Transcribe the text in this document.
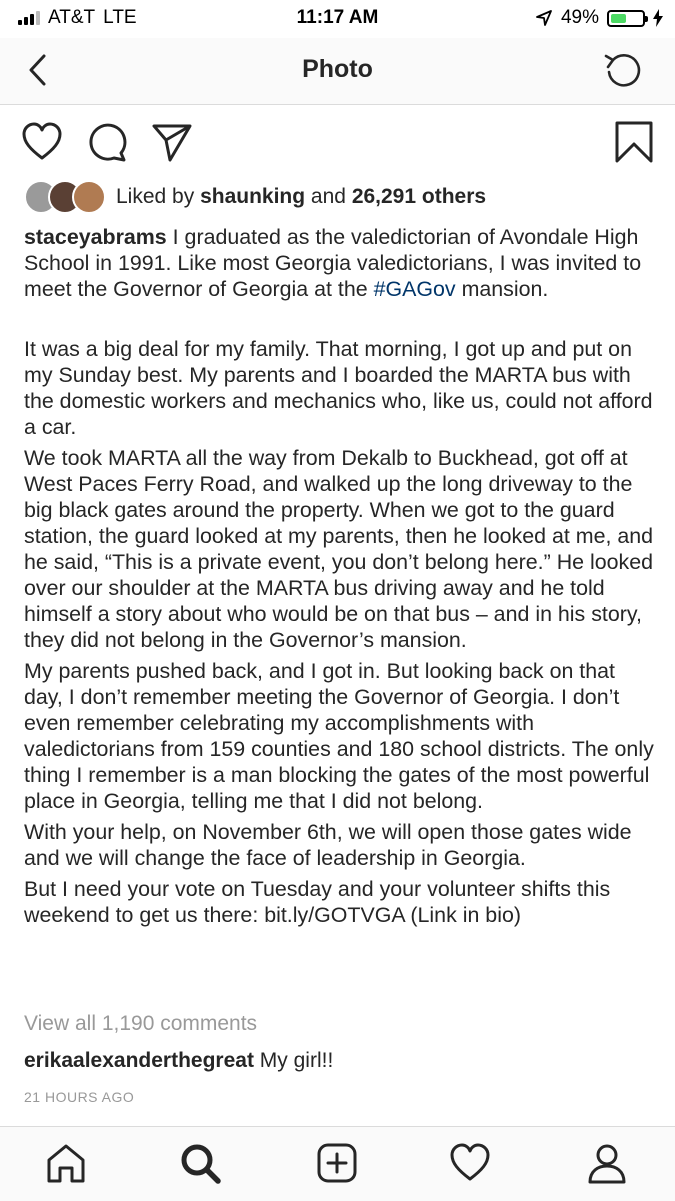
AT&T LTE	11:17 AM	49%
Photo
Liked by
shaunking
and
26,291 others

staceyabrams I graduated as the valedictorian of Avondale High School in 1991. Like most Georgia valedictorians, I was invited to meet the Governor of Georgia at the #GAGov mansion.

It was a big deal for my family. That morning, I got up and put on my Sunday best. My parents and I boarded the MARTA bus with the domestic workers and mechanics who, like us, could not afford a car.

We took MARTA all the way from Dekalb to Buckhead, got off at West Paces Ferry Road, and walked up the long driveway to the big black gates around the property. When we got to the guard station, the guard looked at my parents, then he looked at me, and he said, “This is a private event, you don’t belong here.” He looked over our shoulder at the MARTA bus driving away and he told himself a story about who would be on that bus – and in his story, they did not belong in the Governor’s mansion.

My parents pushed back, and I got in. But looking back on that day, I don’t remember meeting the Governor of Georgia. I don’t even remember celebrating my accomplishments with valedictorians from 159 counties and 180 school districts. The only thing I remember is a man blocking the gates of the most powerful place in Georgia, telling me that I did not belong.

With your help, on November 6th, we will open those gates wide and we will change the face of leadership in Georgia.

But I need your vote on Tuesday and your volunteer shifts this weekend to get us there: bit.ly/GOTVGA (Link in bio)

View all 1,190 comments
erikaalexanderthegreat My girl!!
21 HOURS AGO
